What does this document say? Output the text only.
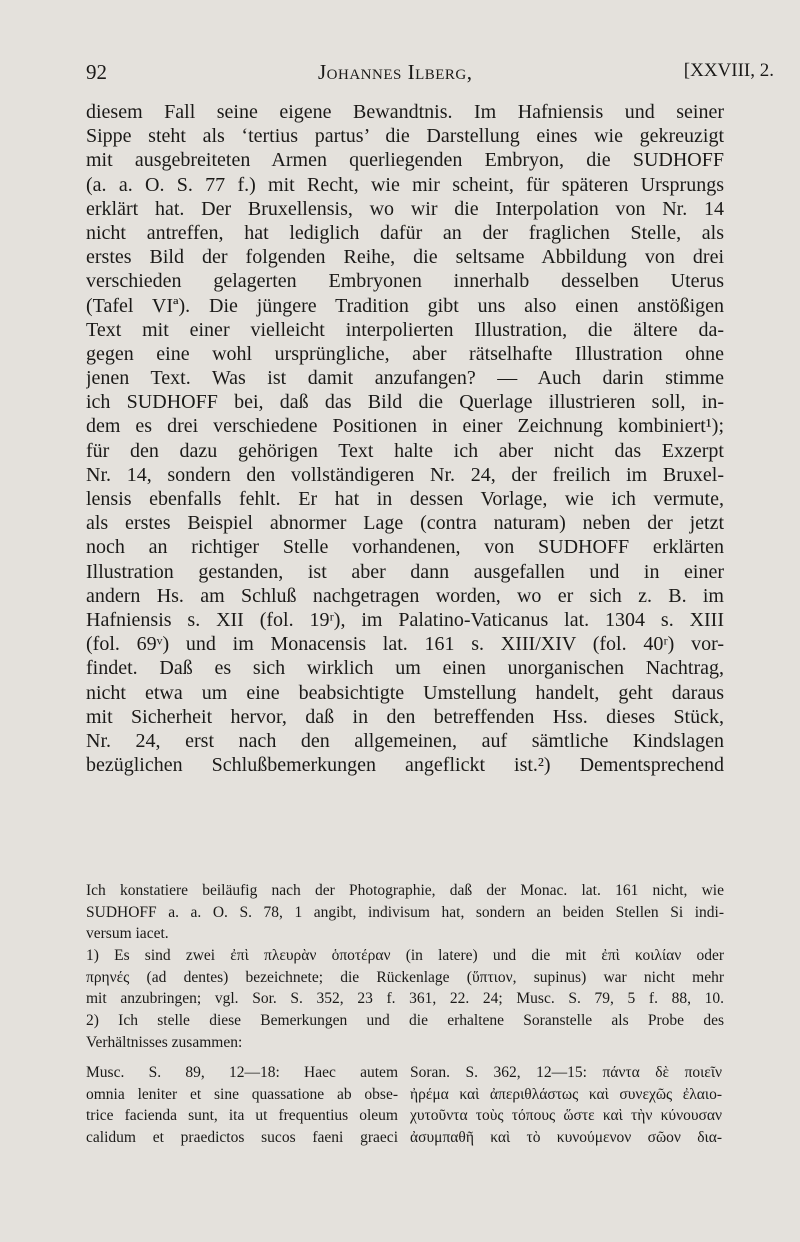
92	Johannes Ilberg,	[XXVIII, 2.
diesem Fall seine eigene Bewandtnis. Im Hafniensis und seiner
Sippe steht als ‘tertius partus’ die Darstellung eines wie gekreuzigt
mit ausgebreiteten Armen querliegenden Embryon, die SUDHOFF
(a. a. O. S. 77 f.) mit Recht, wie mir scheint, für späteren Ursprungs
erklärt hat. Der Bruxellensis, wo wir die Interpolation von Nr. 14
nicht antreffen, hat lediglich dafür an der fraglichen Stelle, als
erstes Bild der folgenden Reihe, die seltsame Abbildung von drei
verschieden gelagerten Embryonen innerhalb desselben Uterus
(Tafel VIª). Die jüngere Tradition gibt uns also einen anstößigen
Text mit einer vielleicht interpolierten Illustration, die ältere da-
gegen eine wohl ursprüngliche, aber rätselhafte Illustration ohne
jenen Text. Was ist damit anzufangen? — Auch darin stimme
ich SUDHOFF bei, daß das Bild die Querlage illustrieren soll, in-
dem es drei verschiedene Positionen in einer Zeichnung kombiniert¹);
für den dazu gehörigen Text halte ich aber nicht das Exzerpt
Nr. 14, sondern den vollständigeren Nr. 24, der freilich im Bruxel-
lensis ebenfalls fehlt. Er hat in dessen Vorlage, wie ich vermute,
als erstes Beispiel abnormer Lage (contra naturam) neben der jetzt
noch an richtiger Stelle vorhandenen, von SUDHOFF erklärten
Illustration gestanden, ist aber dann ausgefallen und in einer
andern Hs. am Schluß nachgetragen worden, wo er sich z. B. im
Hafniensis s. XII (fol. 19ʳ), im Palatino-Vaticanus lat. 1304 s. XIII
(fol. 69ᵛ) und im Monacensis lat. 161 s. XIII/XIV (fol. 40ʳ) vor-
findet. Daß es sich wirklich um einen unorganischen Nachtrag,
nicht etwa um eine beabsichtigte Umstellung handelt, geht daraus
mit Sicherheit hervor, daß in den betreffenden Hss. dieses Stück,
Nr. 24, erst nach den allgemeinen, auf sämtliche Kindslagen
bezüglichen Schlußbemerkungen angeflickt ist.²) Dementsprechend
Ich konstatiere beiläufig nach der Photographie, daß der Monac. lat. 161 nicht, wie
SUDHOFF a. a. O. S. 78, 1 angibt, indivisum hat, sondern an beiden Stellen Si indi-
versum iacet.
1) Es sind zwei ἐπὶ πλευρὰν ὁποτέραν (in latere) und die mit ἐπὶ κοιλίαν oder
πρηνές (ad dentes) bezeichnete; die Rückenlage (ὕπτιον, supinus) war nicht mehr
mit anzubringen; vgl. Sor. S. 352, 23 f. 361, 22. 24; Musc. S. 79, 5 f. 88, 10.
2) Ich stelle diese Bemerkungen und die erhaltene Soranstelle als Probe des
Verhältnisses zusammen:
Musc. S. 89, 12—18: Haec autem
omnia leniter et sine quassatione ab obse-
trice facienda sunt, ita ut frequentius oleum
calidum et praedictos sucos faeni graeci
Soran. S. 362, 12—15: πάντα δὲ ποιεῖν
ἠρέμα καὶ ἀπεριθλάστως καὶ συνεχῶς ἐλαιο-
χυτοῦντα τοὺς τόπους ὥστε καὶ τὴν κύνουσαν
ἀσυμπαθῆ καὶ τὸ κυνούμενον σῶον δια-
